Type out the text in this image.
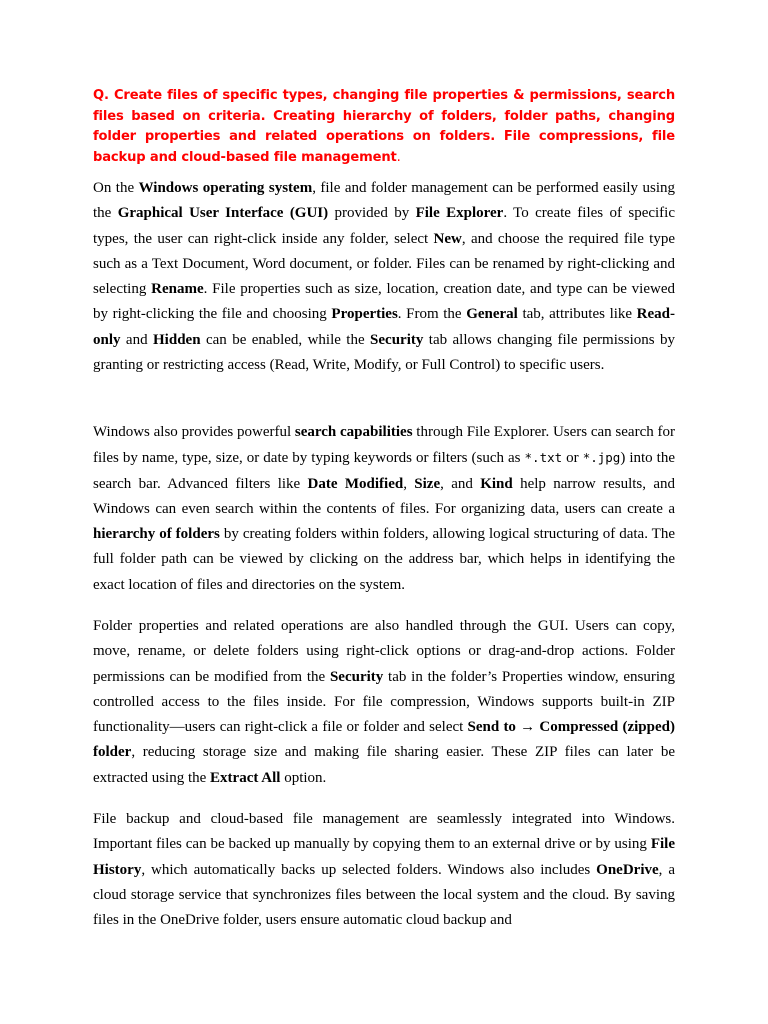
Q. Create files of specific types, changing file properties & permissions, search files based on criteria. Creating hierarchy of folders, folder paths, changing folder properties and related operations on folders. File compressions, file backup and cloud-based file management.

On the Windows operating system, file and folder management can be performed easily using the Graphical User Interface (GUI) provided by File Explorer. To create files of specific types, the user can right-click inside any folder, select New, and choose the required file type such as a Text Document, Word document, or folder. Files can be renamed by right-clicking and selecting Rename. File properties such as size, location, creation date, and type can be viewed by right-clicking the file and choosing Properties. From the General tab, attributes like Read-only and Hidden can be enabled, while the Security tab allows changing file permissions by granting or restricting access (Read, Write, Modify, or Full Control) to specific users.

Windows also provides powerful search capabilities through File Explorer. Users can search for files by name, type, size, or date by typing keywords or filters (such as *.txt or *.jpg) into the search bar. Advanced filters like Date Modified, Size, and Kind help narrow results, and Windows can even search within the contents of files. For organizing data, users can create a hierarchy of folders by creating folders within folders, allowing logical structuring of data. The full folder path can be viewed by clicking on the address bar, which helps in identifying the exact location of files and directories on the system.

Folder properties and related operations are also handled through the GUI. Users can copy, move, rename, or delete folders using right-click options or drag-and-drop actions. Folder permissions can be modified from the Security tab in the folder’s Properties window, ensuring controlled access to the files inside. For file compression, Windows supports built-in ZIP functionality—users can right-click a file or folder and select Send to → Compressed (zipped) folder, reducing storage size and making file sharing easier. These ZIP files can later be extracted using the Extract All option.

File backup and cloud-based file management are seamlessly integrated into Windows. Important files can be backed up manually by copying them to an external drive or by using File History, which automatically backs up selected folders. Windows also includes OneDrive, a cloud storage service that synchronizes files between the local system and the cloud. By saving files in the OneDrive folder, users ensure automatic cloud backup and
